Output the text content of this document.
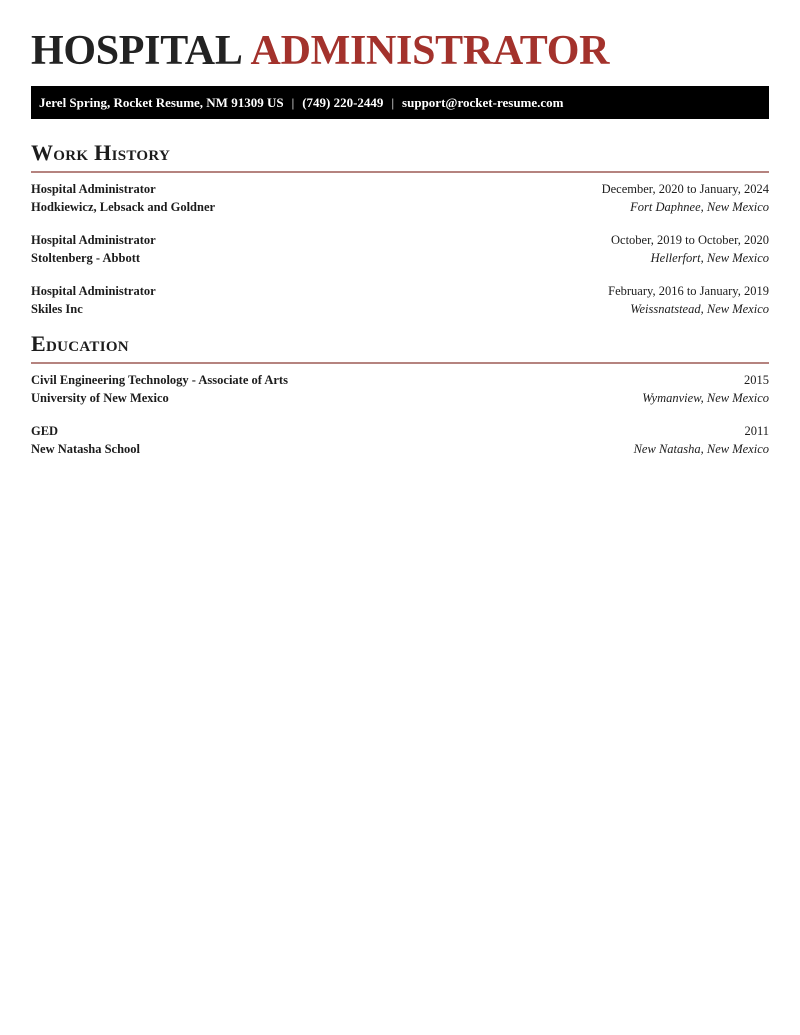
HOSPITAL ADMINISTRATOR
Jerel Spring, Rocket Resume, NM 91309 US | (749) 220-2449 | support@rocket-resume.com
Work History
Hospital Administrator	December, 2020 to January, 2024
Hodkiewicz, Lebsack and Goldner	Fort Daphnee, New Mexico
Hospital Administrator	October, 2019 to October, 2020
Stoltenberg - Abbott	Hellerfort, New Mexico
Hospital Administrator	February, 2016 to January, 2019
Skiles Inc	Weissnatstead, New Mexico
Education
Civil Engineering Technology - Associate of Arts	2015
University of New Mexico	Wymanview, New Mexico
GED	2011
New Natasha School	New Natasha, New Mexico
